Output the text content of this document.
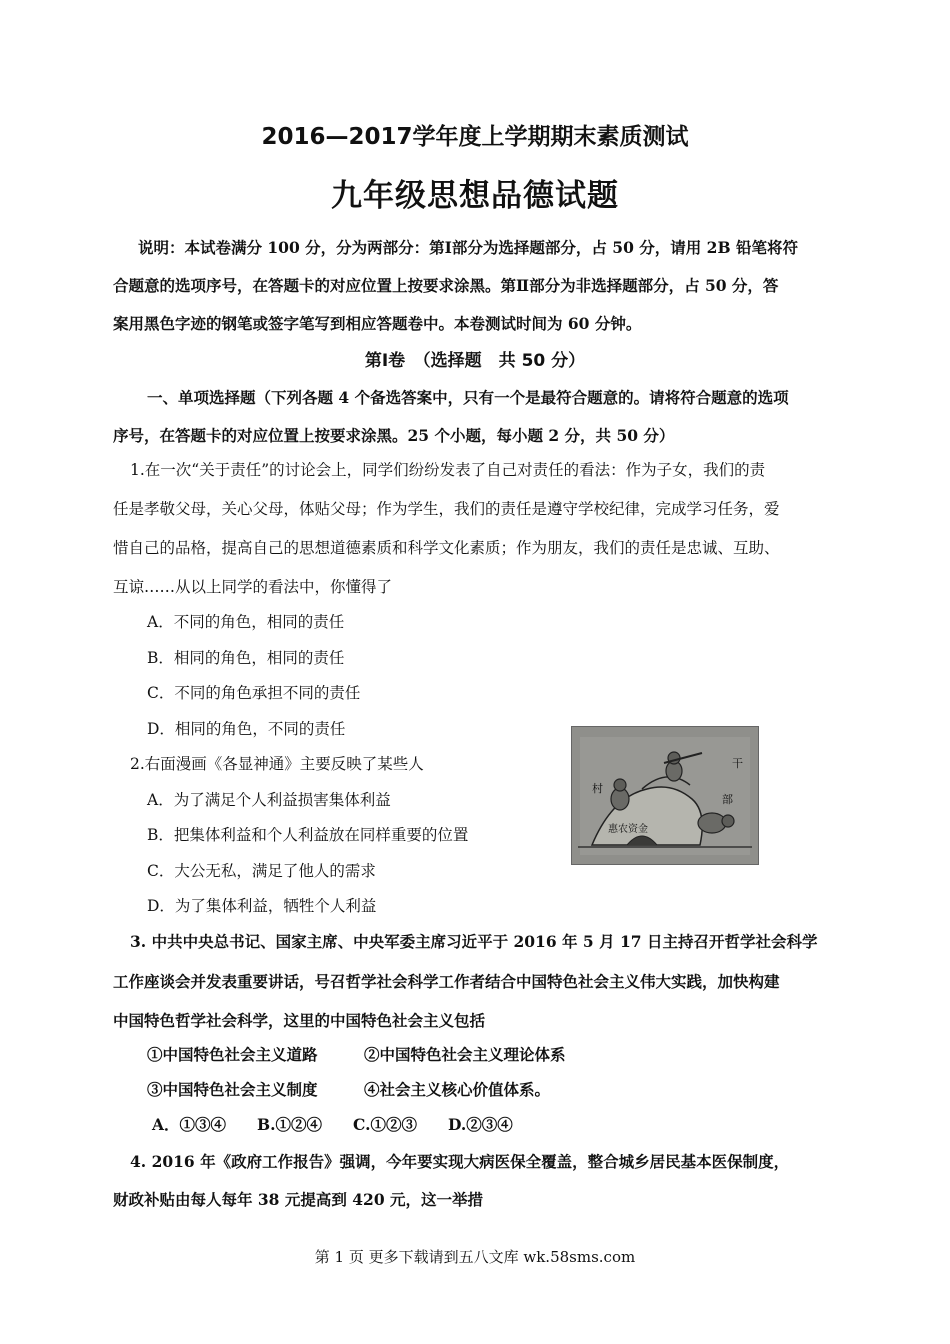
2016—2017学年度上学期期末素质测试
九年级思想品德试题
说明：本试卷满分 100 分，分为两部分：第Ⅰ部分为选择题部分，占 50 分，请用 2B 铅笔将符
合题意的选项序号，在答题卡的对应位置上按要求涂黑。第Ⅱ部分为非选择题部分，占 50 分，答
案用黑色字迹的钢笔或签字笔写到相应答题卷中。本卷测试时间为 60 分钟。
第Ⅰ卷　（选择题　共 50 分）
一、单项选择题（下列各题 4 个备选答案中，只有一个是最符合题意的。请将符合题意的选项
序号，在答题卡的对应位置上按要求涂黑。25 个小题，每小题 2 分，共 50 分）
1.在一次“关于责任”的讨论会上，同学们纷纷发表了自己对责任的看法：作为子女，我们的责
任是孝敬父母，关心父母，体贴父母；作为学生，我们的责任是遵守学校纪律，完成学习任务，爱
惜自己的品格，提高自己的思想道德素质和科学文化素质；作为朋友，我们的责任是忠诚、互助、
互谅……从以上同学的看法中，你懂得了
A．不同的角色，相同的责任
B．相同的角色，相同的责任
C．不同的角色承担不同的责任
D．相同的角色，不同的责任
2.右面漫画《各显神通》主要反映了某些人
A．为了满足个人利益损害集体利益
B．把集体利益和个人利益放在同样重要的位置
C．大公无私，满足了他人的需求
D．为了集体利益，牺牲个人利益
村
干
部
惠农资金
3. 中共中央总书记、国家主席、中央军委主席习近平于 2016 年 5 月 17 日主持召开哲学社会科学
工作座谈会并发表重要讲话，号召哲学社会科学工作者结合中国特色社会主义伟大实践，加快构建
中国特色哲学社会科学，这里的中国特色社会主义包括
①中国特色社会主义道路　　　②中国特色社会主义理论体系
③中国特色社会主义制度　　　④社会主义核心价值体系。
A．①③④　　B.①②④　　C.①②③　　D.②③④
4. 2016 年《政府工作报告》强调，今年要实现大病医保全覆盖，整合城乡居民基本医保制度，
财政补贴由每人每年 38 元提高到 420 元，这一举措
第 1 页 更多下载请到五八文库 wk.58sms.com
